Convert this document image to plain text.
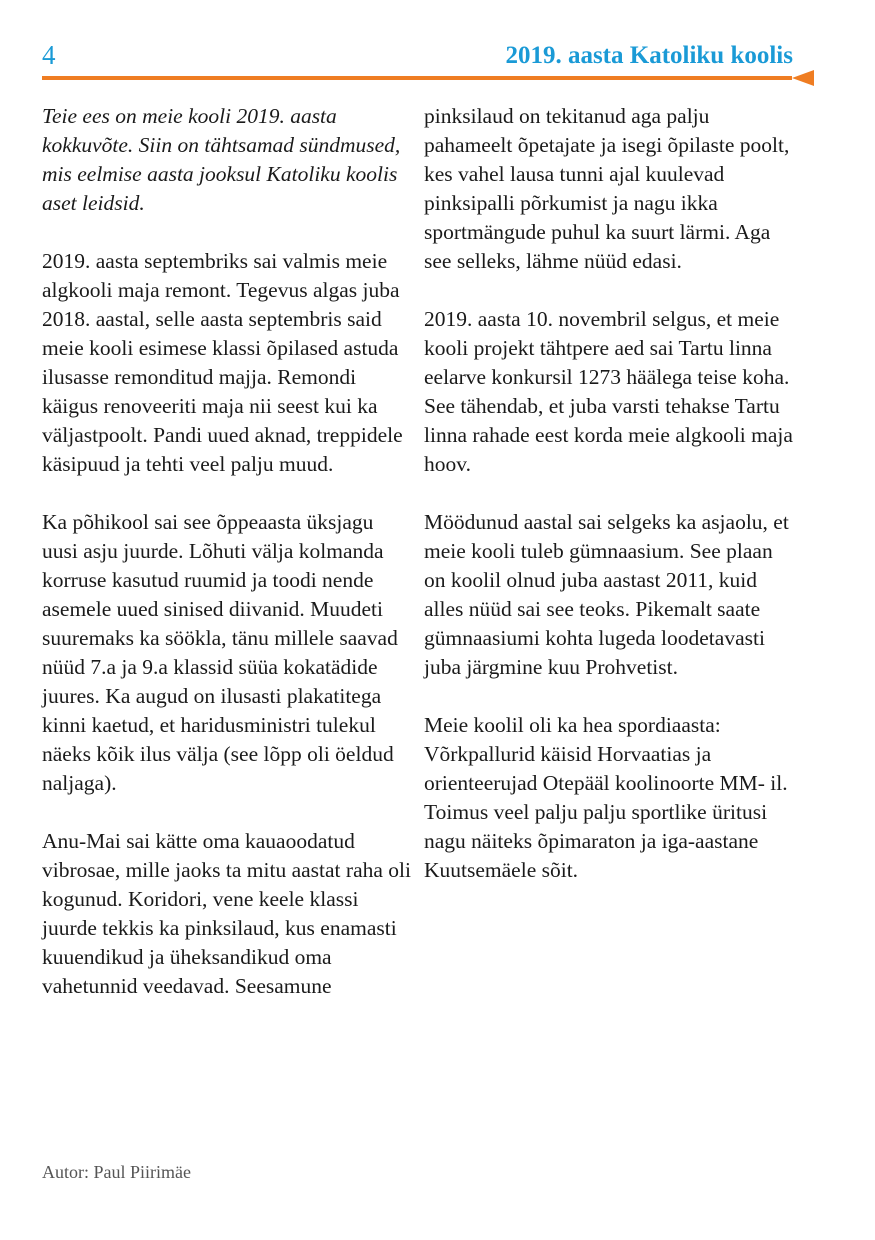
4	2019. aasta Katoliku koolis

Teie ees on meie kooli 2019. aasta kokkuvõte. Siin on tähtsamad sündmused, mis eelmise aasta jooksul Katoliku koolis aset leidsid.

2019. aasta septembriks sai valmis meie algkooli maja remont. Tegevus algas juba 2018. aastal, selle aasta septembris said meie kooli esimese klassi õpilased astuda ilusasse remonditud majja. Remondi käigus renoveeriti maja nii seest kui ka väljastpoolt. Pandi uued aknad, treppidele käsipuud ja tehti veel palju muud.

Ka põhikool sai see õppeaasta üksjagu uusi asju juurde. Lõhuti välja kolmanda korruse kasutud ruumid ja toodi nende asemele uued sinised diivanid. Muudeti suuremaks ka söökla, tänu millele saavad nüüd 7.a ja 9.a klassid süüa kokatädide juures. Ka augud on ilusasti plakatitega kinni kaetud, et haridusministri tulekul näeks kõik ilus välja (see lõpp oli öeldud naljaga).

Anu-Mai sai kätte oma kauaoodatud vibrosae, mille jaoks ta mitu aastat raha oli kogunud. Koridori, vene keele klassi juurde tekkis ka pinksilaud, kus enamasti kuuendikud ja üheksandikud oma vahetunnid veedavad. Seesamune

pinksilaud on tekitanud aga palju pahameelt õpetajate ja isegi õpilaste poolt, kes vahel lausa tunni ajal kuulevad pinksipalli põrkumist ja nagu ikka sportmängude puhul ka suurt lärmi. Aga see selleks, lähme nüüd edasi.

2019. aasta 10. novembril selgus, et meie kooli projekt tähtpere aed sai Tartu linna eelarve konkursil 1273 häälega teise koha. See tähendab, et juba varsti tehakse Tartu linna rahade eest korda meie algkooli maja hoov.

Möödunud aastal sai selgeks ka asjaolu, et meie kooli tuleb gümnaasium. See plaan on koolil olnud juba aastast 2011, kuid alles nüüd sai see teoks. Pikemalt saate gümnaasiumi kohta lugeda loodetavasti juba järgmine kuu Prohvetist.

Meie koolil oli ka hea spordiaasta: Võrkpallurid käisid Horvaatias ja orienteerujad Otepääl koolinoorte MM- il. Toimus veel palju palju sportlike üritusi nagu näiteks õpimaraton ja iga-aastane Kuutsemäele sõit.

Autor: Paul Piirimäe
